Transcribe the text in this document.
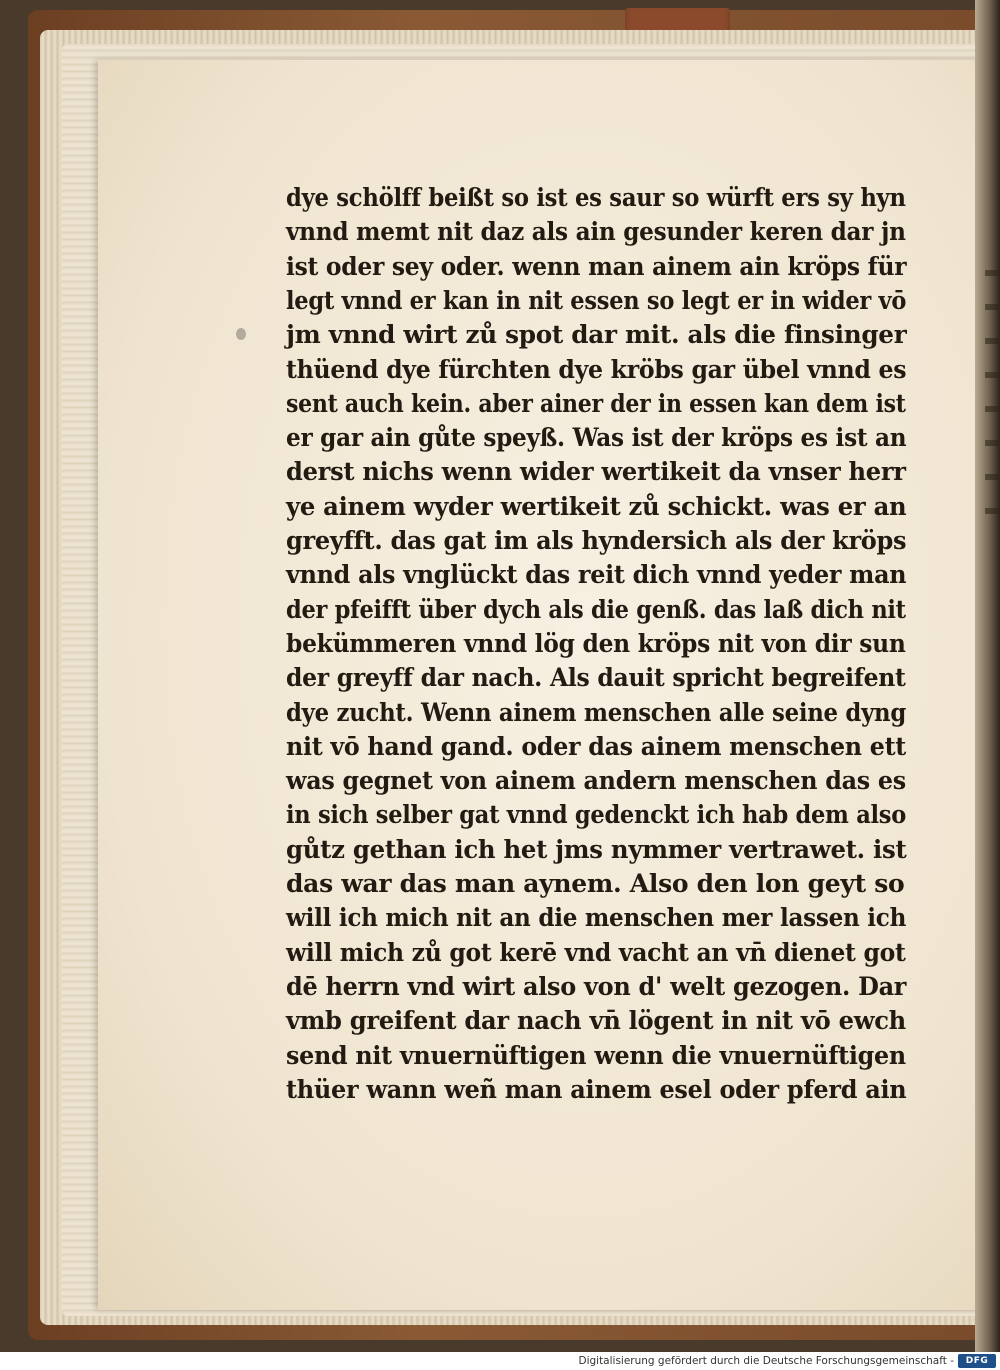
dye schölff beißt so ist es saur so würft ers sy hyn
vnnd memt nit daz als ain gesunder keren dar jn
ist oder sey oder. wenn man ainem ain kröps für
legt vnnd er kan in nit essen so legt er in wider vō
jm vnnd wirt zů spot dar mit. als die finsinger
thüend dye fürchten dye kröbs gar übel vnnd es
sent auch kein. aber ainer der in essen kan dem ist
er gar ain gůte speyß. Was ist der kröps es ist an
derst nichs wenn wider wertikeit da vnser herr
ye ainem wyder wertikeit zů schickt. was er an
greyfft. das gat im als hyndersich als der kröps
vnnd als vnglückt das reit dich vnnd yeder man
der pfeifft über dych als die genß. das laß dich nit
bekümmeren vnnd lög den kröps nit von dir sun
der greyff dar nach. Als dauit spricht begreifent
dye zucht. Wenn ainem menschen alle seine dyng
nit vō hand gand. oder das ainem menschen ett
was gegnet von ainem andern menschen das es
in sich selber gat vnnd gedenckt ich hab dem also
gůtz gethan ich het jms nymmer vertrawet. ist
das war das man aynem. Also den lon geyt so
will ich mich nit an die menschen mer lassen ich
will mich zů got kerē vnd vacht an vn̄ dienet got
dē herrn vnd wirt also von d' welt gezogen. Dar
vmb greifent dar nach vn̄ lögent in nit vō ewch
send nit vnuernüftigen wenn die vnuernüftigen
thüer wann weñ man ainem esel oder pferd ain
Digitalisierung gefördert durch die Deutsche Forschungsgemeinschaft -	DFG
